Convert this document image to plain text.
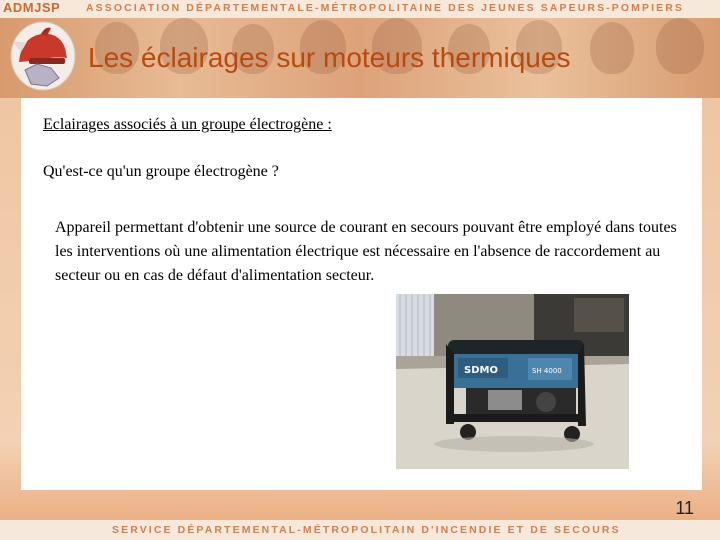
ADMJSP ASSOCIATION DÉPARTEMENTALE-MÉTROPOLITAINE DES JEUNES SAPEURS-POMPIERS
Les éclairages sur moteurs thermiques
Eclairages associés à un groupe électrogène :
Qu'est-ce qu'un groupe électrogène ?
Appareil permettant d'obtenir une source de courant en secours pouvant être employé dans toutes les interventions où une alimentation électrique est nécessaire en l'absence de raccordement au secteur ou en cas de défaut d'alimentation secteur.
SDMO	SH 4000
11
SERVICE DÉPARTEMENTAL-MÉTROPOLITAIN D'INCENDIE ET DE SECOURS
